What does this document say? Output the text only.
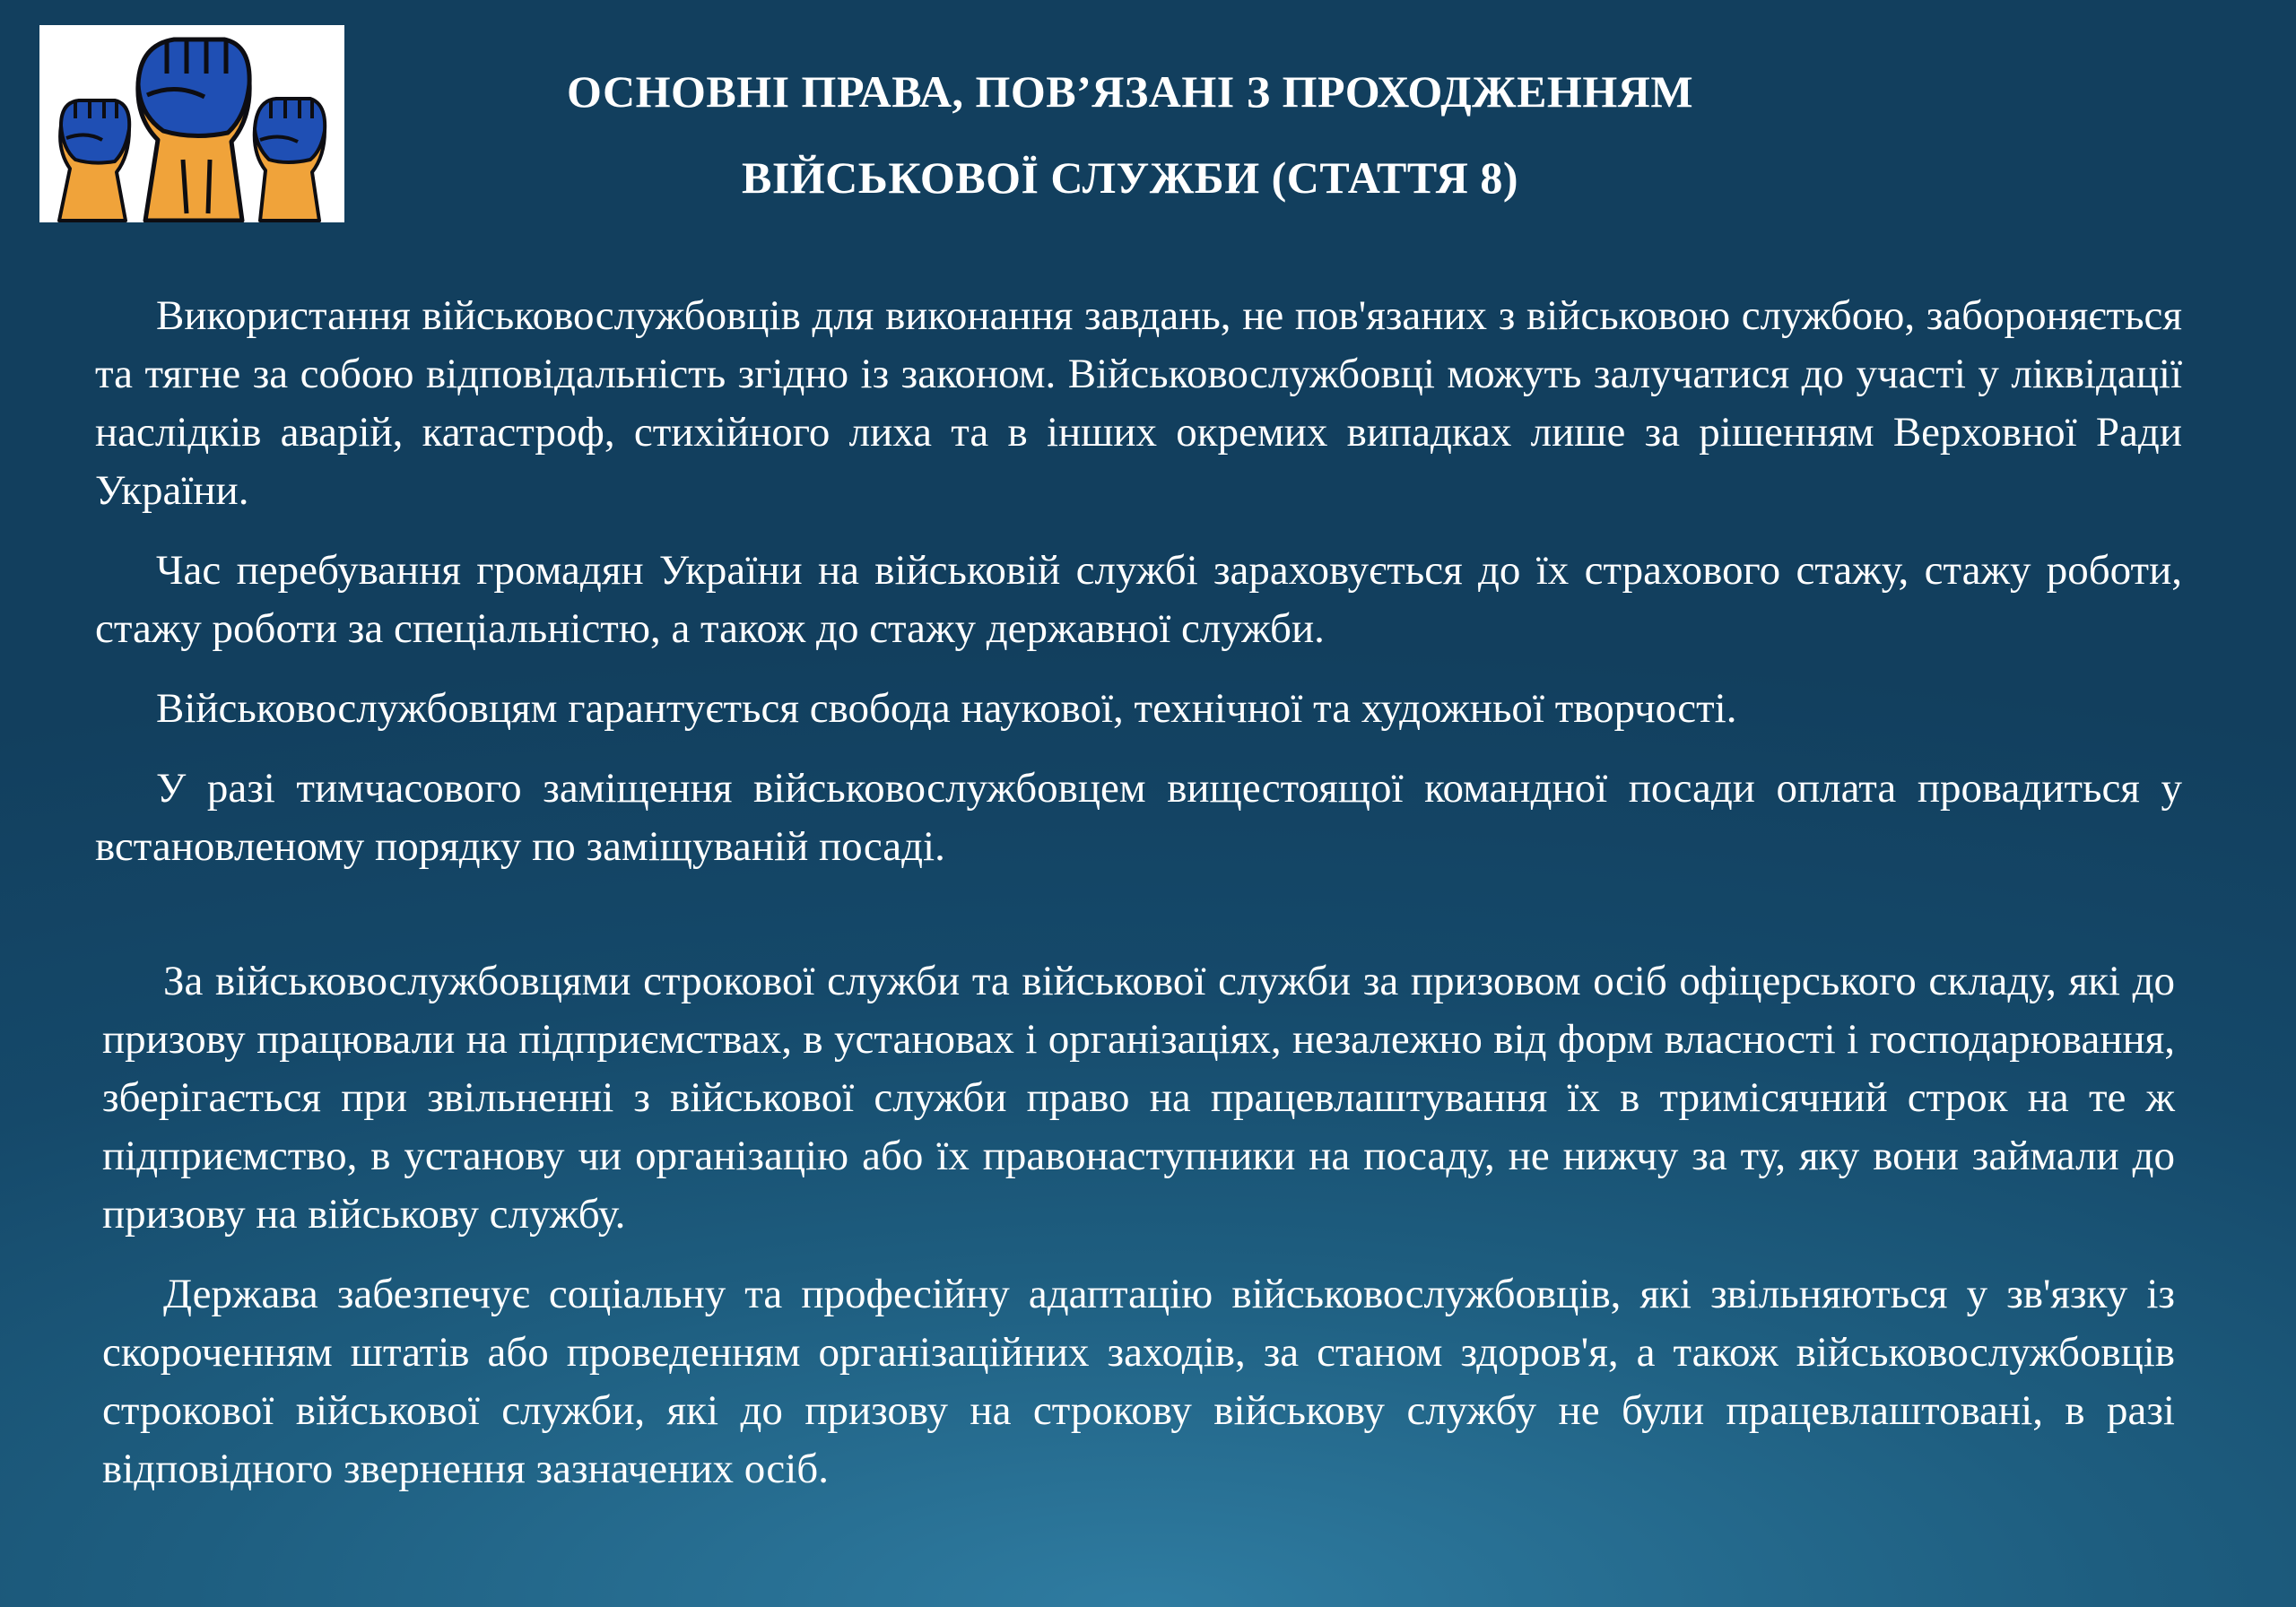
ОСНОВНІ ПРАВА, ПОВ’ЯЗАНІ З ПРОХОДЖЕННЯМ
ВІЙСЬКОВОЇ СЛУЖБИ (СТАТТЯ 8)

Використання військовослужбовців для виконання завдань, не пов'язаних з військовою службою, забороняється та тягне за собою відповідальність згідно із законом. Військовослужбовці можуть залучатися до участі у ліквідації наслідків аварій, катастроф, стихійного лиха та в інших окремих випадках лише за рішенням Верховної Ради України.

Час перебування громадян України на військовій службі зараховується до їх страхового стажу, стажу роботи, стажу роботи за спеціальністю, а також до стажу державної служби.

Військовослужбовцям гарантується свобода наукової, технічної та художньої творчості.

У разі тимчасового заміщення військовослужбовцем вищестоящої командної посади оплата провадиться у встановленому порядку по заміщуваній посаді.

За військовослужбовцями строкової служби та військової служби за призовом осіб офіцерського складу, які до призову працювали на підприємствах, в установах і організаціях, незалежно від форм власності і господарювання, зберігається при звільненні з військової служби право на працевлаштування їх в тримісячний строк на те ж підприємство, в установу чи організацію або їх правонаступники на посаду, не нижчу за ту, яку вони займали до призову на військову службу.

Держава забезпечує соціальну та професійну адаптацію військовослужбовців, які звільняються у зв'язку із скороченням штатів або проведенням організаційних заходів, за станом здоров'я, а також військовослужбовців строкової військової служби, які до призову на строкову військову службу не були працевлаштовані, в разі відповідного звернення зазначених осіб.
